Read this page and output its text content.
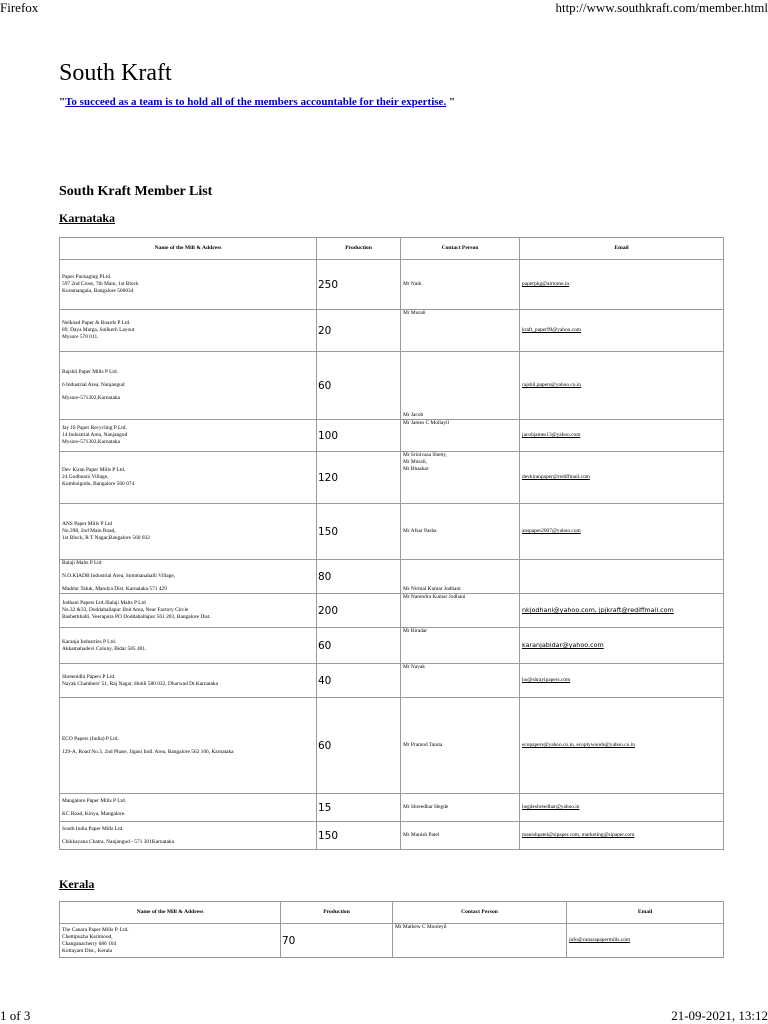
Firefox	http://www.southkraft.com/member.html
South Kraft
"To succeed as a team is to hold all of the members accountable for their expertise. "
South Kraft Member List
Karnataka
Name of the Mill & Address	Production	Contact Person	Email

Paper Packaging PLtd.
597 2nd Cross, 7th Main, 1st Block
Koramangala, Bangalore 560034	250	Mr Naik	paperpkg@airtome.in

Nelkoad Paper & Boards P Ltd.
89, Daya Marga, Sulikerh Layout
Mysore 570 011.	20	Mr Murali	kraft_paper99@yahoo.com

Rajshil Paper Mills P Ltd.
6 Industrial Area, Nanjangud
Mysore-571302,Karnataka	60	Mr Jacob	rajshil.papers@yahoo.co.in

Jay JS Paper Recycling P Ltd.
14 Industrial Area, Nanjangud
Mysore-571302,Karnataka	100	Mr James C Mollayil	jacobjames13@yahoo.com

Dev Kiran Paper Mills P Ltd.
24 Godhnaro Village,
Kumbolgodu, Bangalore 560 074	120	Mr Srinivasa Shetty,
Mr Murali,
Mr Bhaskar	devkiranpaper@rediffmail.com

ANS Paper Mills P Ltd
No.398, 2nd Main Road,
1st Block, R T Nagar,Bangalore 560 032	150	Mr Afsar Pasha	anspaper2007@yahoo.com

Balaji Malts P Ltd
N.O.KIADB Industrial Area, Sommanahalli Village,
Maddur Taluk, Mandya Dist. Karnataka 571 429	80	Mr Nirmal Kumar Jodhani	

Jodhani Papers Ltd./Balaji Malts P Ltd
No.32 &33, Doddaballapur IInd Area, Near Factory Circle
Bashettihalli, Veerapura PO Doddaballapur 561 203, Bangalore Dist.	200	Mr Narendra Kumar Jodhani	nkjodhani@yahoo.com, jpjkraft@rediffmail.com

Karanja Industries P Ltd.
Akkamahadevi Colony, Bidar 585 401.	60	Mr Biradar	karanjabidar@yahoo.com

Shreenidhi Papers P Ltd.
Nayak Chambers' 51, Raj Nagar, Hubli 580 032, Dharwad Dt.Karnataka	40	Mr Nayak	ho@shrayipapers.com

ECO Papers (India) P Ltd.
129-A, Road No.3, 2nd Phase, Jigani Indl. Area, Bangalore 562 106, Karnataka	60	Mr Pramod Tanita	ecopapers@yahoo.co.in, ecoplywoods@yahoo.co.in

Mangalore Paper Mills P Ltd.
KC Road, Kinya, Mangalore.	15	Mr Shreedhar Hegde	hegdeshreedhar@yahoo.in

South India Paper Mills Ltd.
Chikkayana Chatra, Nanjangud - 571 301Karnataka	150	Mr Manish Patel	manishpatel@sipaper.com, marketing@sipaper.com
Kerala
Name of the Mill & Address	Production	Contact Person	Email

The Canara Paper Mills P. Ltd.
Chettipuzha Karimood,
Changanacherry 686 104
Kottayam Dist., Kerala	70	Mr Mathew C Mooleyil	info@canarapapermills.com
1 of 3	21-09-2021, 13:12
